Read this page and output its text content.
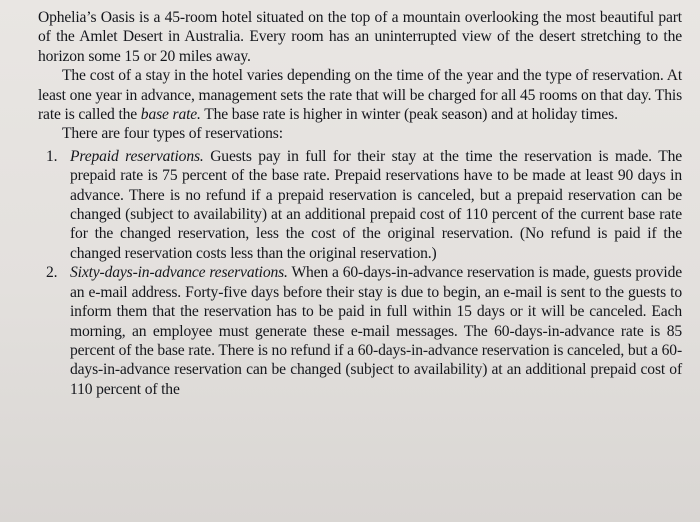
Ophelia’s Oasis is a 45-room hotel situated on the top of a mountain overlooking the most beautiful part of the Amlet Desert in Australia. Every room has an uninterrupted view of the desert stretching to the horizon some 15 or 20 miles away.

The cost of a stay in the hotel varies depending on the time of the year and the type of reservation. At least one year in advance, management sets the rate that will be charged for all 45 rooms on that day. This rate is called the base rate. The base rate is higher in winter (peak season) and at holiday times.

There are four types of reservations:

1. Prepaid reservations. Guests pay in full for their stay at the time the reservation is made. The prepaid rate is 75 percent of the base rate. Prepaid reservations have to be made at least 90 days in advance. There is no refund if a prepaid reservation is canceled, but a prepaid reservation can be changed (subject to availability) at an additional prepaid cost of 110 percent of the current base rate for the changed reservation, less the cost of the original reservation. (No refund is paid if the changed reservation costs less than the original reservation.)
2. Sixty-days-in-advance reservations. When a 60-days-in-advance reservation is made, guests provide an e-mail address. Forty-five days before their stay is due to begin, an e-mail is sent to the guests to inform them that the reservation has to be paid in full within 15 days or it will be canceled. Each morning, an employee must generate these e-mail messages. The 60-days-in-advance rate is 85 percent of the base rate. There is no refund if a 60-days-in-advance reservation is canceled, but a 60-days-in-advance reservation can be changed (subject to availability) at an additional prepaid cost of 110 percent of the
